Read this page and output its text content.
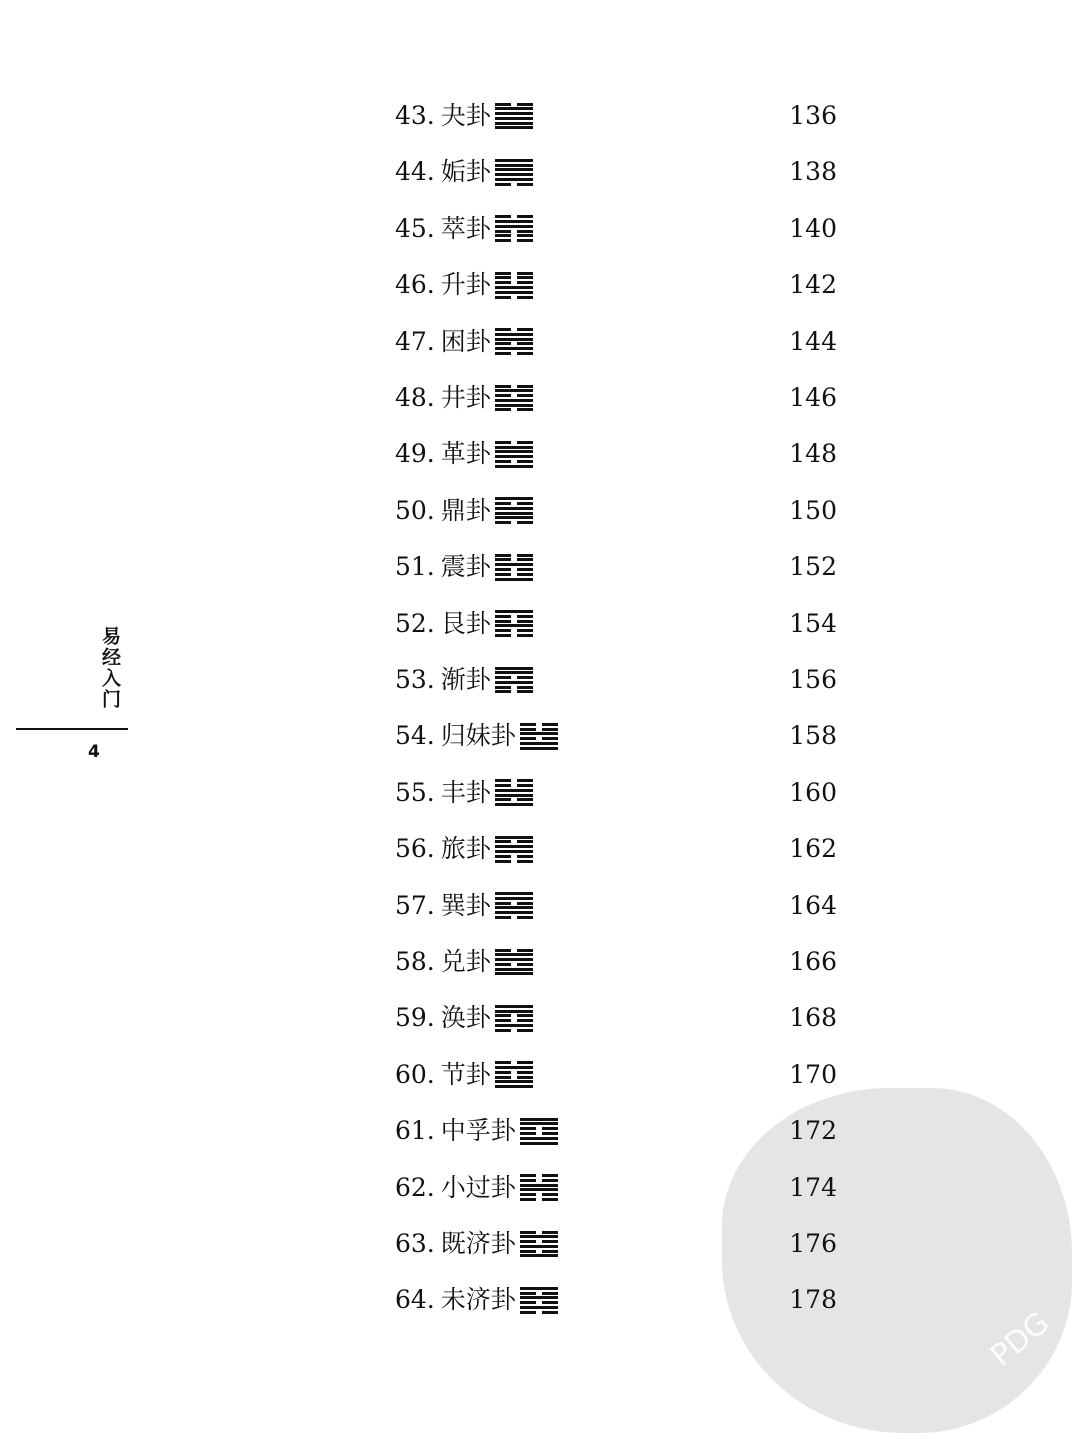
PDG
43. 夬卦	136
44. 姤卦	138
45. 萃卦	140
46. 升卦	142
47. 困卦	144
48. 井卦	146
49. 革卦	148
50. 鼎卦	150
51. 震卦	152
52. 艮卦	154
53. 渐卦	156
54. 归妹卦	158
55. 丰卦	160
56. 旅卦	162
57. 巽卦	164
58. 兑卦	166
59. 涣卦	168
60. 节卦	170
61. 中孚卦	172
62. 小过卦	174
63. 既济卦	176
64. 未济卦	178
易经入门
4
